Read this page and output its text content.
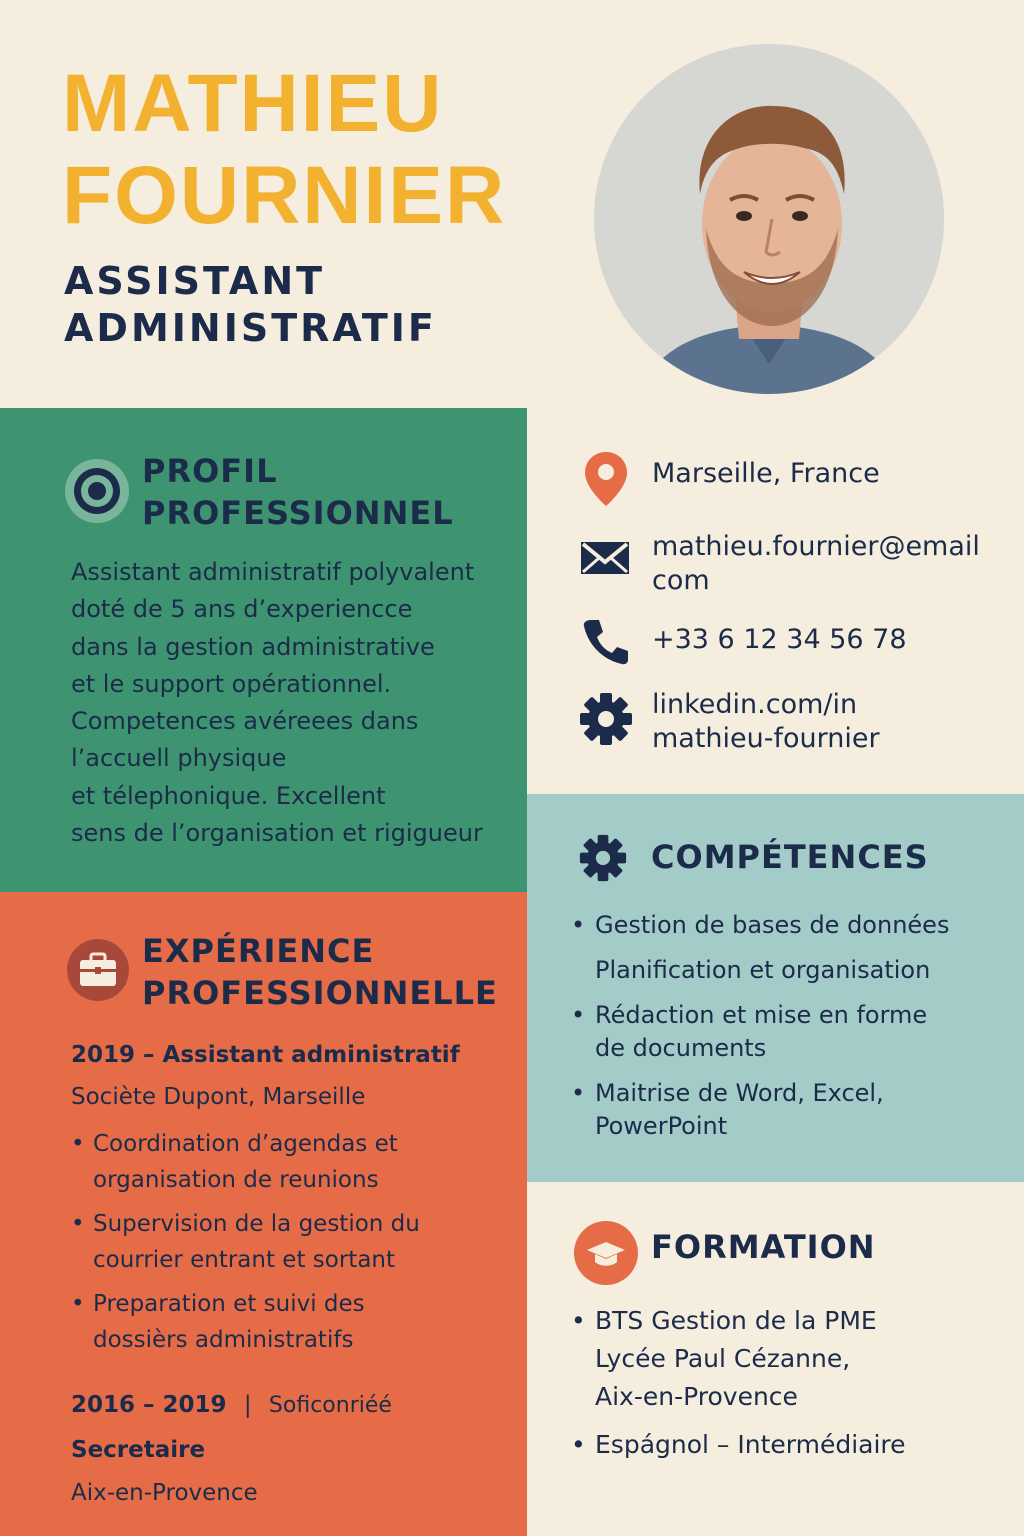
MATHIEU
FOURNIER
ASSISTANT
ADMINISTRATIF
PROFIL
PROFESSIONNEL
Assistant administratif polyvalent
doté de 5 ans d’experiencce
dans la gestion administrative
et le support opérationnel.
Competences avéreees dans
l’accuell physique
et télephonique. Excellent
sens de l’organisation et rigigueur
EXPÉRIENCE
PROFESSIONNELLE
2019 – Assistant administratif
Sociète Dupont, Marseille
• Coordination d’agendas et
organisation de reunions
• Supervision de la gestion du
courrier entrant et sortant
• Preparation et suivi des
dossièrs administratifs
2016 – 2019 | Soficonriéé
Secretaire
Aix-en-Provence
Marseille, France
mathieu.fournier@email
com
+33 6 12 34 56 78
linkedin.com/in
mathieu-fournier
COMPÉTENCES
• Gestion de bases de données
Planification et organisation
• Rédaction et mise en forme
de documents
• Maitrise de Word, Excel,
PowerPoint
FORMATION
• BTS Gestion de la PME
Lycée Paul Cézanne,
Aix-en-Provence
• Espágnol – Intermédiaire
